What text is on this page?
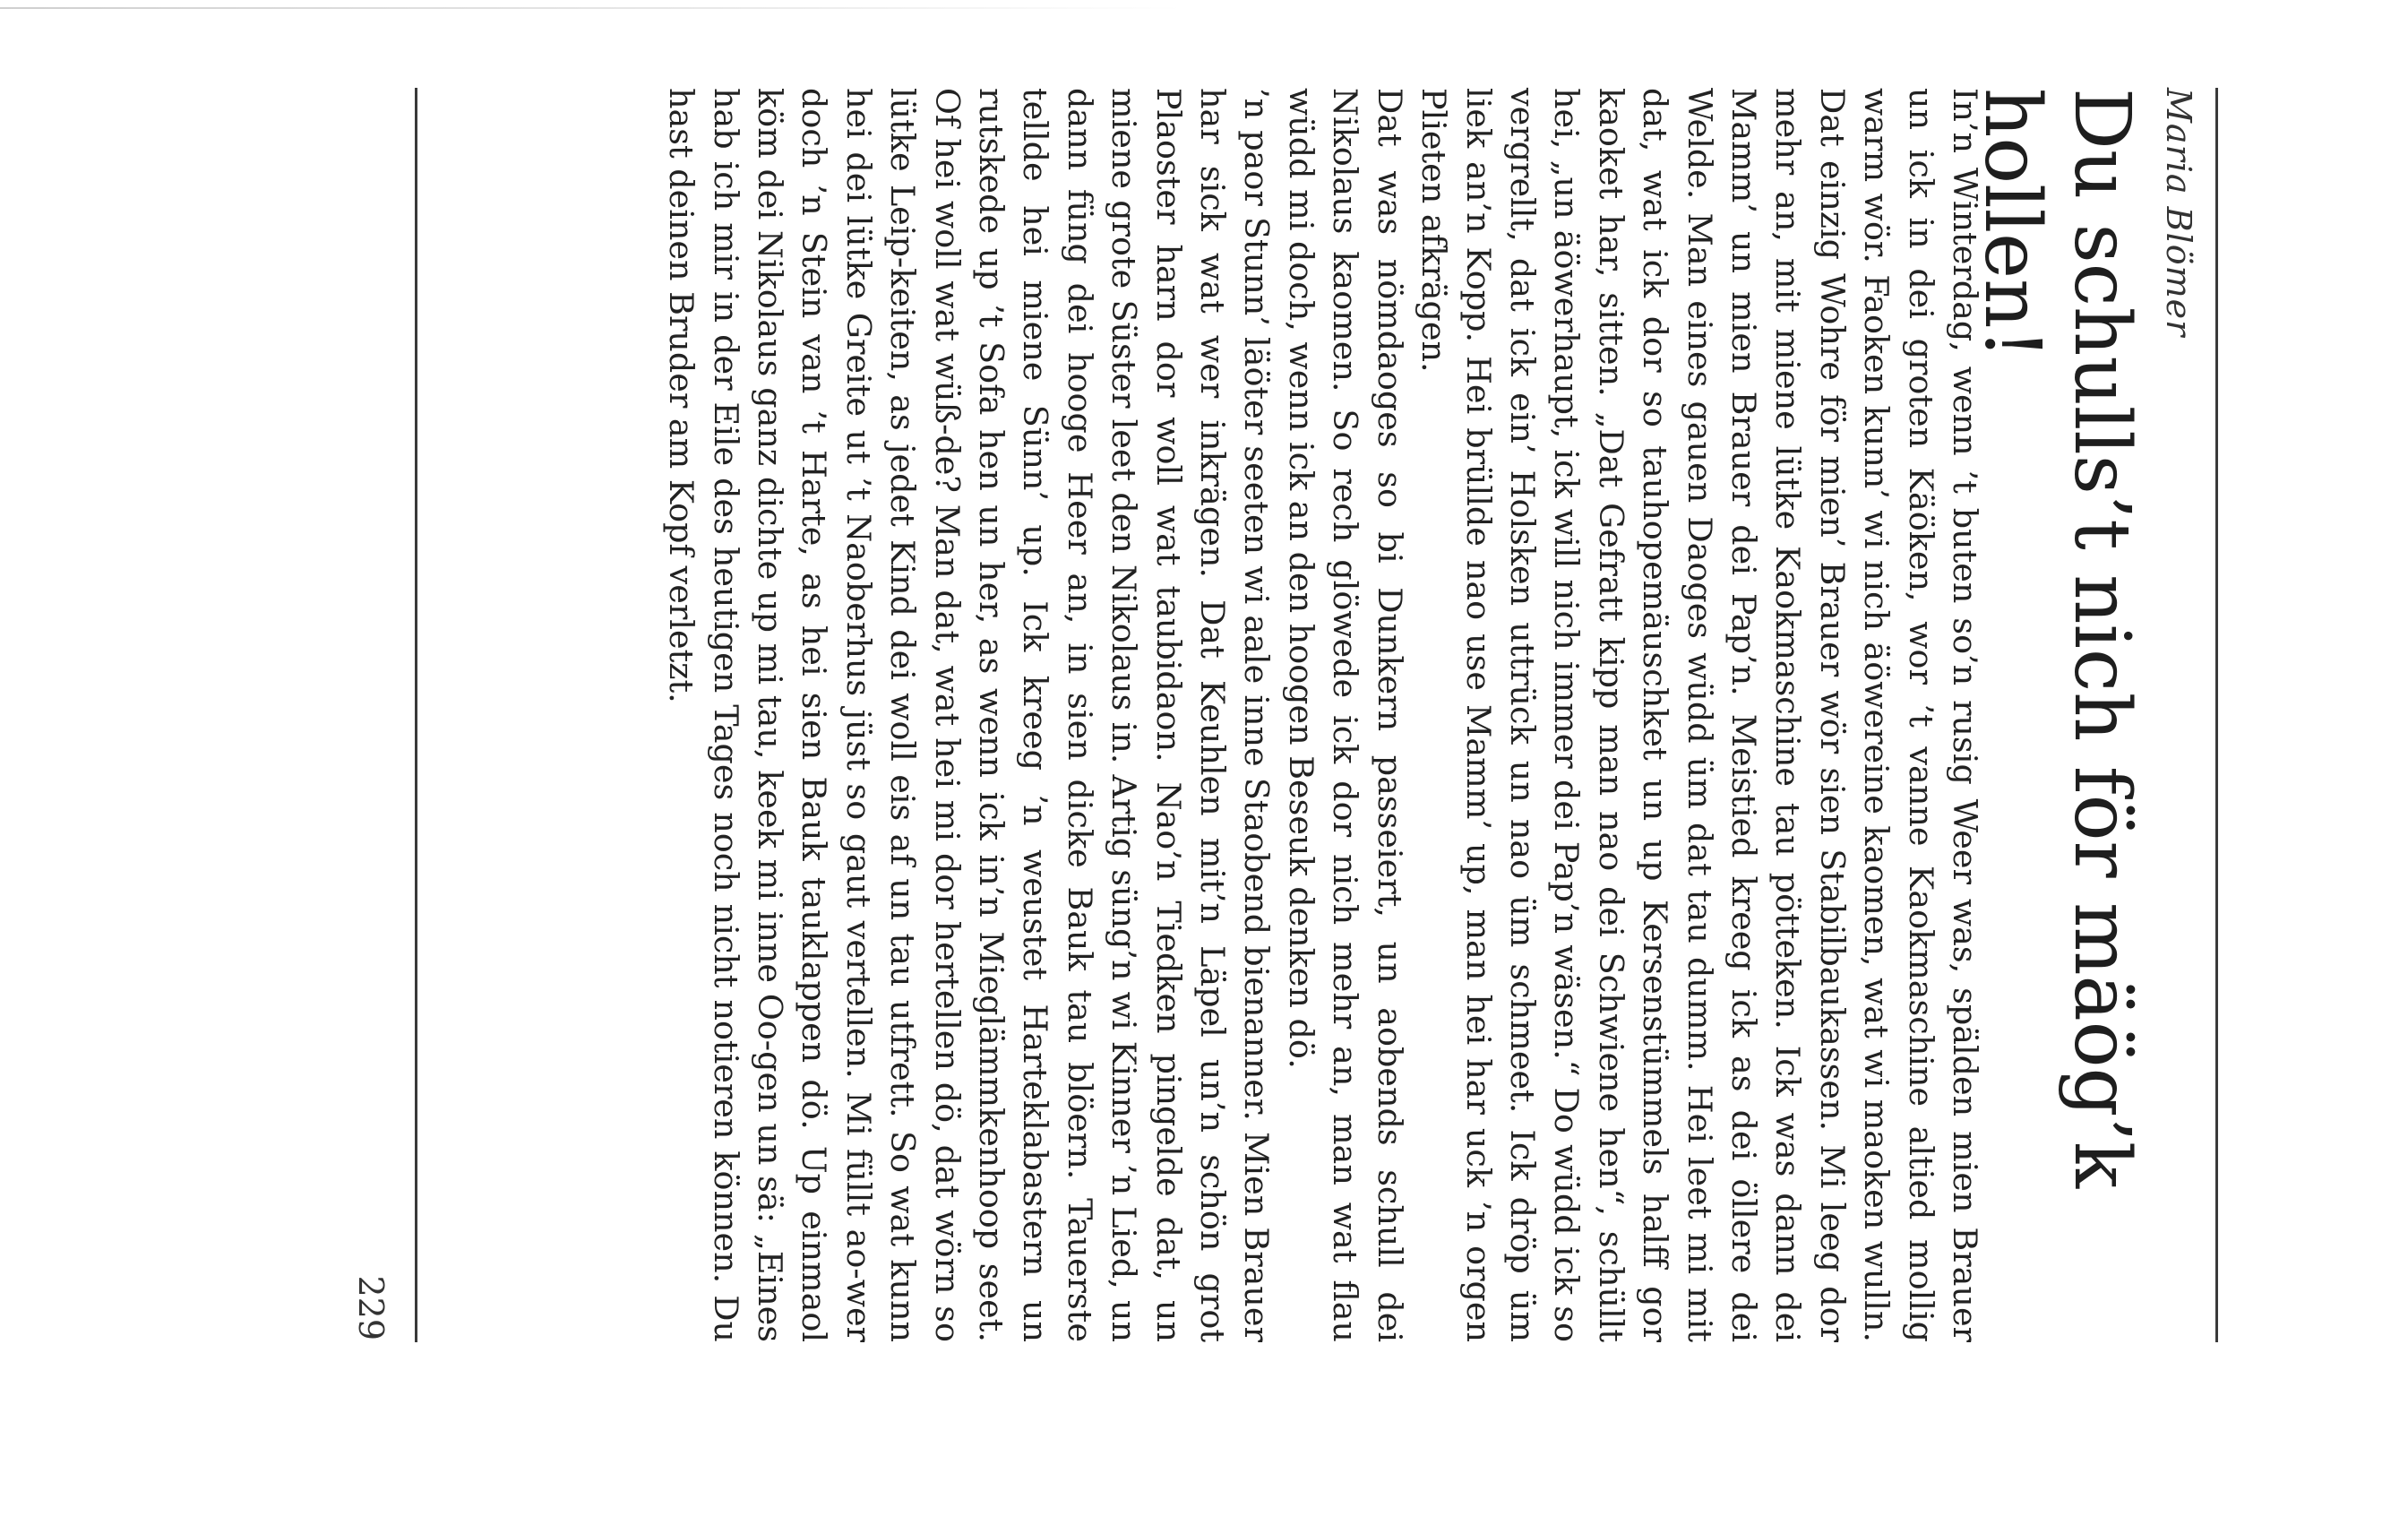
Maria Blömer
Du schulls’t nich för mäög’k hollen!

In’n Winterdag, wenn ’t buten so’n rusig Weer was, spälden mien Brauer un ick in dei groten Käöken, wor ’t vanne Kaokmaschine altied mollig warm wör. Faoken kunn’ wi nich äöwereine kaomen, wat wi maoken wulln. Dat einzig Wohre för mien’ Brauer wör sien Stabilbaukassen. Mi leeg dor mehr an, mit miene lütke Kaokmaschine tau pötteken. Ick was dann dei Mamm’ un mien Brauer dei Pap’n. Meistied kreeg ick as dei öllere dei Welde. Man eines gauen Daoges wüdd üm dat tau dumm. Hei leet mi mit dat, wat ick dor so tauhopemäuschket un up Kersenstümmels halff gor kaoket har, sitten. „Dat Gefratt kipp man nao dei Schwiene hen“, schüllt hei, „un äöwerhaupt, ick will nich immer dei Pap’n wäsen.“ Do wüdd ick so vergrellt, dat ick ein’ Holsken uttrück un nao üm schmeet. Ick dröp üm liek an’n Kopp. Hei brüllde nao use Mamm’ up, man hei har uck ’n orgen Plieten afkrägen.

Dat was nömdaoges so bi Dunkern passeiert, un aobends schull dei Nikolaus kaomen. So rech glöwede ick dor nich mehr an, man wat flau wüdd mi doch, wenn ick an den hoogen Beseuk denken dö.

’n paor Stunn’ läöter seeten wi aale inne Staobend bienanner. Mien Brauer har sick wat wer inkrägen. Dat Keuhlen mit’n Läpel un’n schön grot Plaoster harn dor woll wat taubidaon. Nao’n Tiedken pingelde dat, un miene grote Süster leet den Nikolaus in. Artig süng’n wi Kinner ’n Lied, un dann füng dei hooge Heer an, in sien dicke Bauk tau blöern. Tauerste tellde hei miene Sünn’ up. Ick kreeg ’n weustet Harteklabastern un rutskede up ’t Sofa hen un her, as wenn ick in’n Mieglämmkenhoop seet. Of hei woll wat wüß-de? Man dat, wat hei mi dor hertellen dö, dat wörn so lütke Leip-keiten, as jedet Kind dei woll eis af un tau utfrett. So wat kunn hei dei lütke Greite ut ’t Naoberhus jüst so gaut vertellen. Mi füllt ao-wer doch ’n Stein van ’t Harte, as hei sien Bauk tauklappen dö. Up einmaol köm dei Nikolaus ganz dichte up mi tau, keek mi inne Oo-gen un sä: „Eines hab ich mir in der Eile des heutigen Tages noch nicht notieren können. Du hast deinen Bruder am Kopf verletzt.

229
